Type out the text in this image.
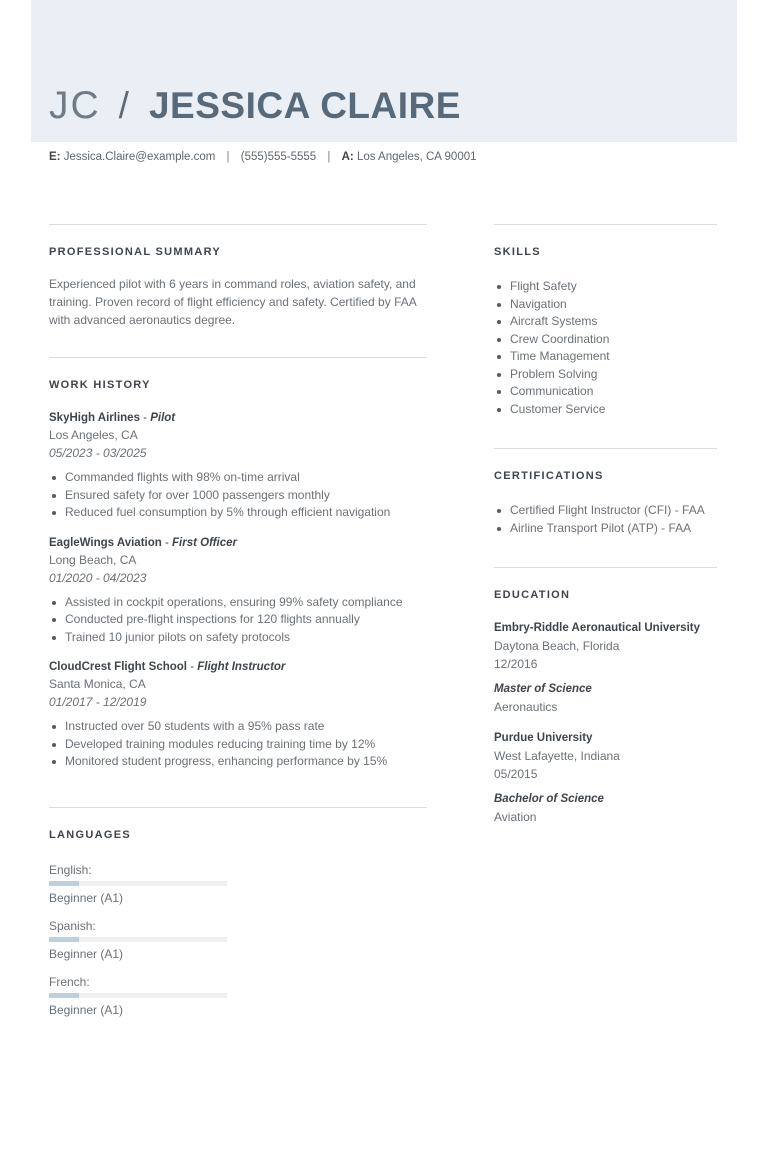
JC / JESSICA CLAIRE
E: Jessica.Claire@example.com | (555)555-5555 | A: Los Angeles, CA 90001
PROFESSIONAL SUMMARY
Experienced pilot with 6 years in command roles, aviation safety, and training. Proven record of flight efficiency and safety. Certified by FAA with advanced aeronautics degree.
WORK HISTORY
SkyHigh Airlines - Pilot
Los Angeles, CA
05/2023 - 03/2025
Commanded flights with 98% on-time arrival
Ensured safety for over 1000 passengers monthly
Reduced fuel consumption by 5% through efficient navigation
EagleWings Aviation - First Officer
Long Beach, CA
01/2020 - 04/2023
Assisted in cockpit operations, ensuring 99% safety compliance
Conducted pre-flight inspections for 120 flights annually
Trained 10 junior pilots on safety protocols
CloudCrest Flight School - Flight Instructor
Santa Monica, CA
01/2017 - 12/2019
Instructed over 50 students with a 95% pass rate
Developed training modules reducing training time by 12%
Monitored student progress, enhancing performance by 15%
LANGUAGES
English:
Beginner (A1)
Spanish:
Beginner (A1)
French:
Beginner (A1)
SKILLS
Flight Safety
Navigation
Aircraft Systems
Crew Coordination
Time Management
Problem Solving
Communication
Customer Service
CERTIFICATIONS
Certified Flight Instructor (CFI) - FAA
Airline Transport Pilot (ATP) - FAA
EDUCATION
Embry-Riddle Aeronautical University
Daytona Beach, Florida
12/2016
Master of Science
Aeronautics
Purdue University
West Lafayette, Indiana
05/2015
Bachelor of Science
Aviation
